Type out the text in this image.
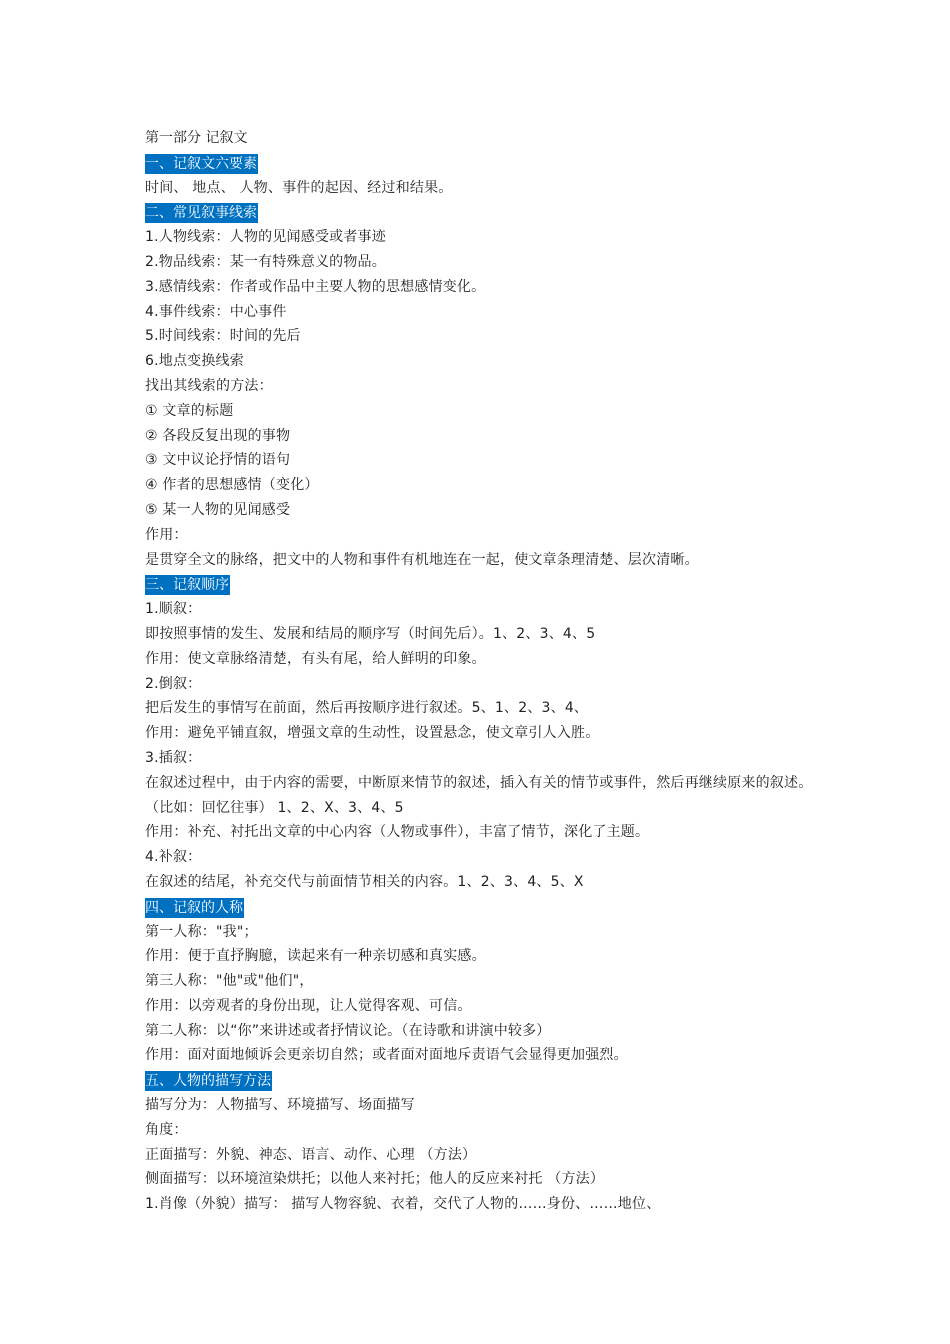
第一部分 记叙文
一、记叙文六要素
时间、 地点、 人物、事件的起因、经过和结果。
二、常见叙事线索
1.人物线索：人物的见闻感受或者事迹
2.物品线索：某一有特殊意义的物品。
3.感情线索：作者或作品中主要人物的思想感情变化。
4.事件线索：中心事件
5.时间线索：时间的先后
6.地点变换线索
找出其线索的方法：
① 文章的标题
② 各段反复出现的事物
③ 文中议论抒情的语句
④ 作者的思想感情（变化）
⑤ 某一人物的见闻感受
作用：
是贯穿全文的脉络，把文中的人物和事件有机地连在一起，使文章条理清楚、层次清晰。
三、记叙顺序
1.顺叙：
即按照事情的发生、发展和结局的顺序写（时间先后）。1、2、3、4、5
作用：使文章脉络清楚，有头有尾，给人鲜明的印象。
2.倒叙：
把后发生的事情写在前面，然后再按顺序进行叙述。5、1、2、3、4、
作用：避免平铺直叙，增强文章的生动性，设置悬念，使文章引人入胜。
3.插叙：
在叙述过程中，由于内容的需要，中断原来情节的叙述，插入有关的情节或事件，然后再继续原来的叙述。（比如：回忆往事） 1、2、X、3、4、5
作用：补充、衬托出文章的中心内容（人物或事件），丰富了情节，深化了主题。
4.补叙：
在叙述的结尾，补充交代与前面情节相关的内容。1、2、3、4、5、X
四、记叙的人称
第一人称："我"；
作用：便于直抒胸臆，读起来有一种亲切感和真实感。
第三人称："他"或"他们"，
作用：以旁观者的身份出现，让人觉得客观、可信。
第二人称：以“你”来讲述或者抒情议论。（在诗歌和讲演中较多）
作用：面对面地倾诉会更亲切自然；或者面对面地斥责语气会显得更加强烈。
五、人物的描写方法
描写分为：人物描写、环境描写、场面描写
角度：
正面描写：外貌、神态、语言、动作、心理 （方法）
侧面描写：以环境渲染烘托；以他人来衬托；他人的反应来衬托 （方法）
1.肖像（外貌）描写： 描写人物容貌、衣着，交代了人物的……身份、……地位、
